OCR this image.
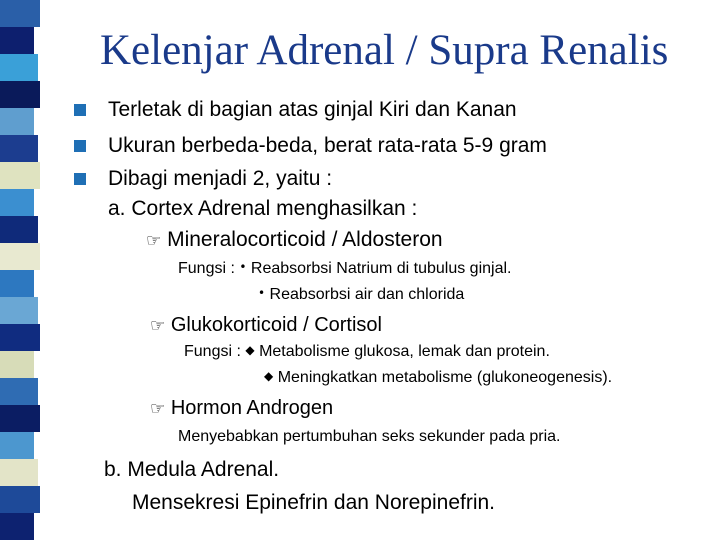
Kelenjar Adrenal / Supra Renalis
Terletak di bagian atas ginjal Kiri dan Kanan
Ukuran berbeda-beda, berat rata-rata 5-9 gram
Dibagi menjadi 2, yaitu :
a. Cortex Adrenal menghasilkan :
☞ Mineralocorticoid / Aldosteron
Fungsi : • Reabsorbsi Natrium di tubulus ginjal.
• Reabsorbsi air dan chlorida
☞ Glukokorticoid / Cortisol
Fungsi : ◆ Metabolisme glukosa, lemak dan protein.
◆ Meningkatkan metabolisme (glukoneogenesis).
☞ Hormon Androgen
Menyebabkan pertumbuhan seks sekunder pada pria.
b. Medula Adrenal.
Mensekresi Epinefrin dan Norepinefrin.
